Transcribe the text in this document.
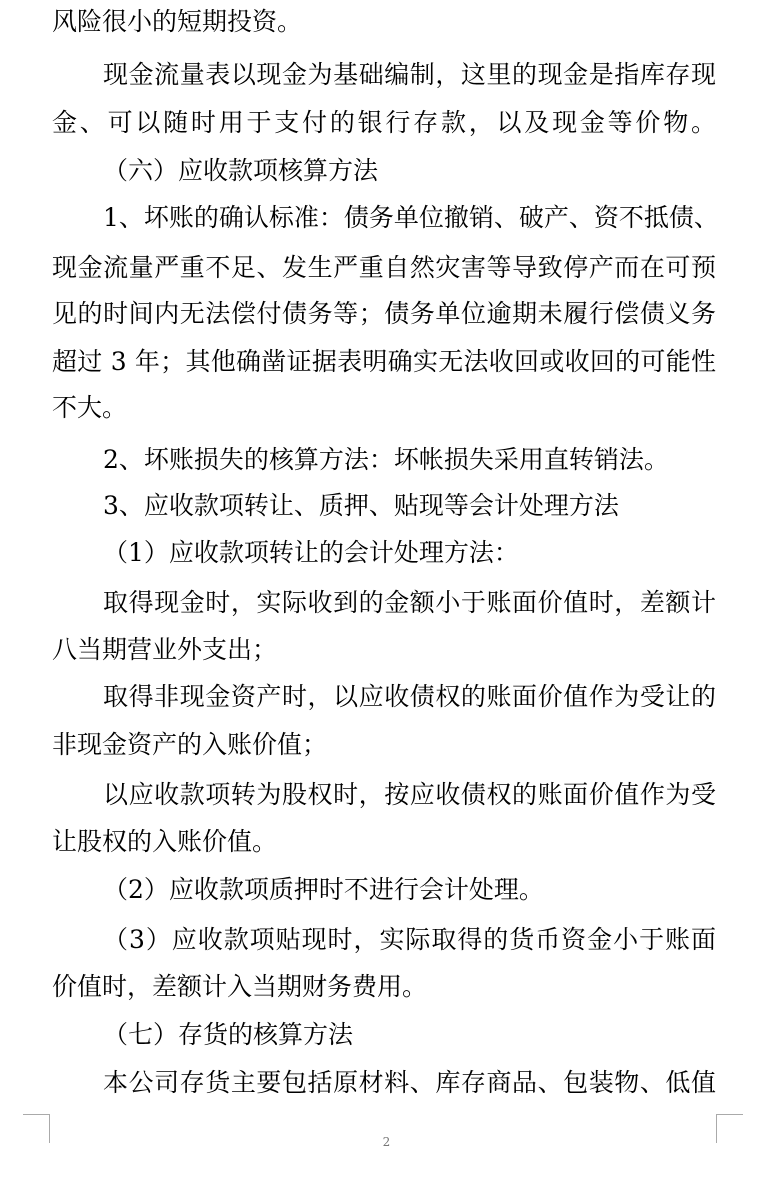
风险很小的短期投资。
现金流量表以现金为基础编制，这里的现金是指库存现
金、可以随时用于支付的银行存款，以及现金等价物。
（六）应收款项核算方法
1、坏账的确认标准：债务单位撤销、破产、资不抵债、
现金流量严重不足、发生严重自然灾害等导致停产而在可预
见的时间内无法偿付债务等；债务单位逾期未履行偿债义务
超过 3 年；其他确凿证据表明确实无法收回或收回的可能性
不大。
2、坏账损失的核算方法：坏帐损失采用直转销法。
3、应收款项转让、质押、贴现等会计处理方法
（1）应收款项转让的会计处理方法：
取得现金时，实际收到的金额小于账面价值时，差额计
八当期营业外支出；
取得非现金资产时，以应收债权的账面价值作为受让的
非现金资产的入账价值；
以应收款项转为股权时，按应收债权的账面价值作为受
让股权的入账价值。
（2）应收款项质押时不进行会计处理。
（3）应收款项贴现时，实际取得的货币资金小于账面
价值时，差额计入当期财务费用。
（七）存货的核算方法
本公司存货主要包括原材料、库存商品、包装物、低值
2
